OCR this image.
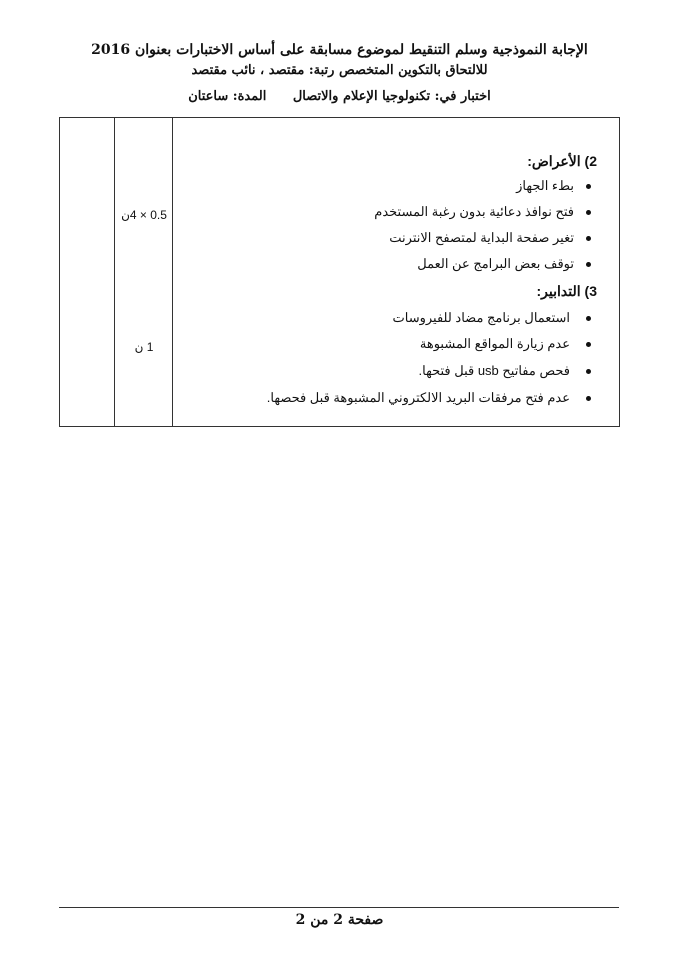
الإجابة النموذجية وسلم التنقيط لموضوع مسابقة على أساس الاختبارات بعنوان 2016
للالتحاق بالتكوين المتخصص رتبة: مقتصد ، نائب مقتصد
اختبار في: تكنولوجيا الإعلام والاتصال المدة: ساعتان
0.5 × 4ن
1 ن
2) الأعراض:
بطء الجهاز
فتح نوافذ دعائية بدون رغبة المستخدم
تغير صفحة البداية لمتصفح الانترنت
توقف بعض البرامج عن العمل
3) التدابير:
استعمال برنامج مضاد للفيروسات
عدم زيارة المواقع المشبوهة
فحص مفاتيح usb قبل فتحها.
عدم فتح مرفقات البريد الالكتروني المشبوهة قبل فحصها.
صفحة 2 من 2
